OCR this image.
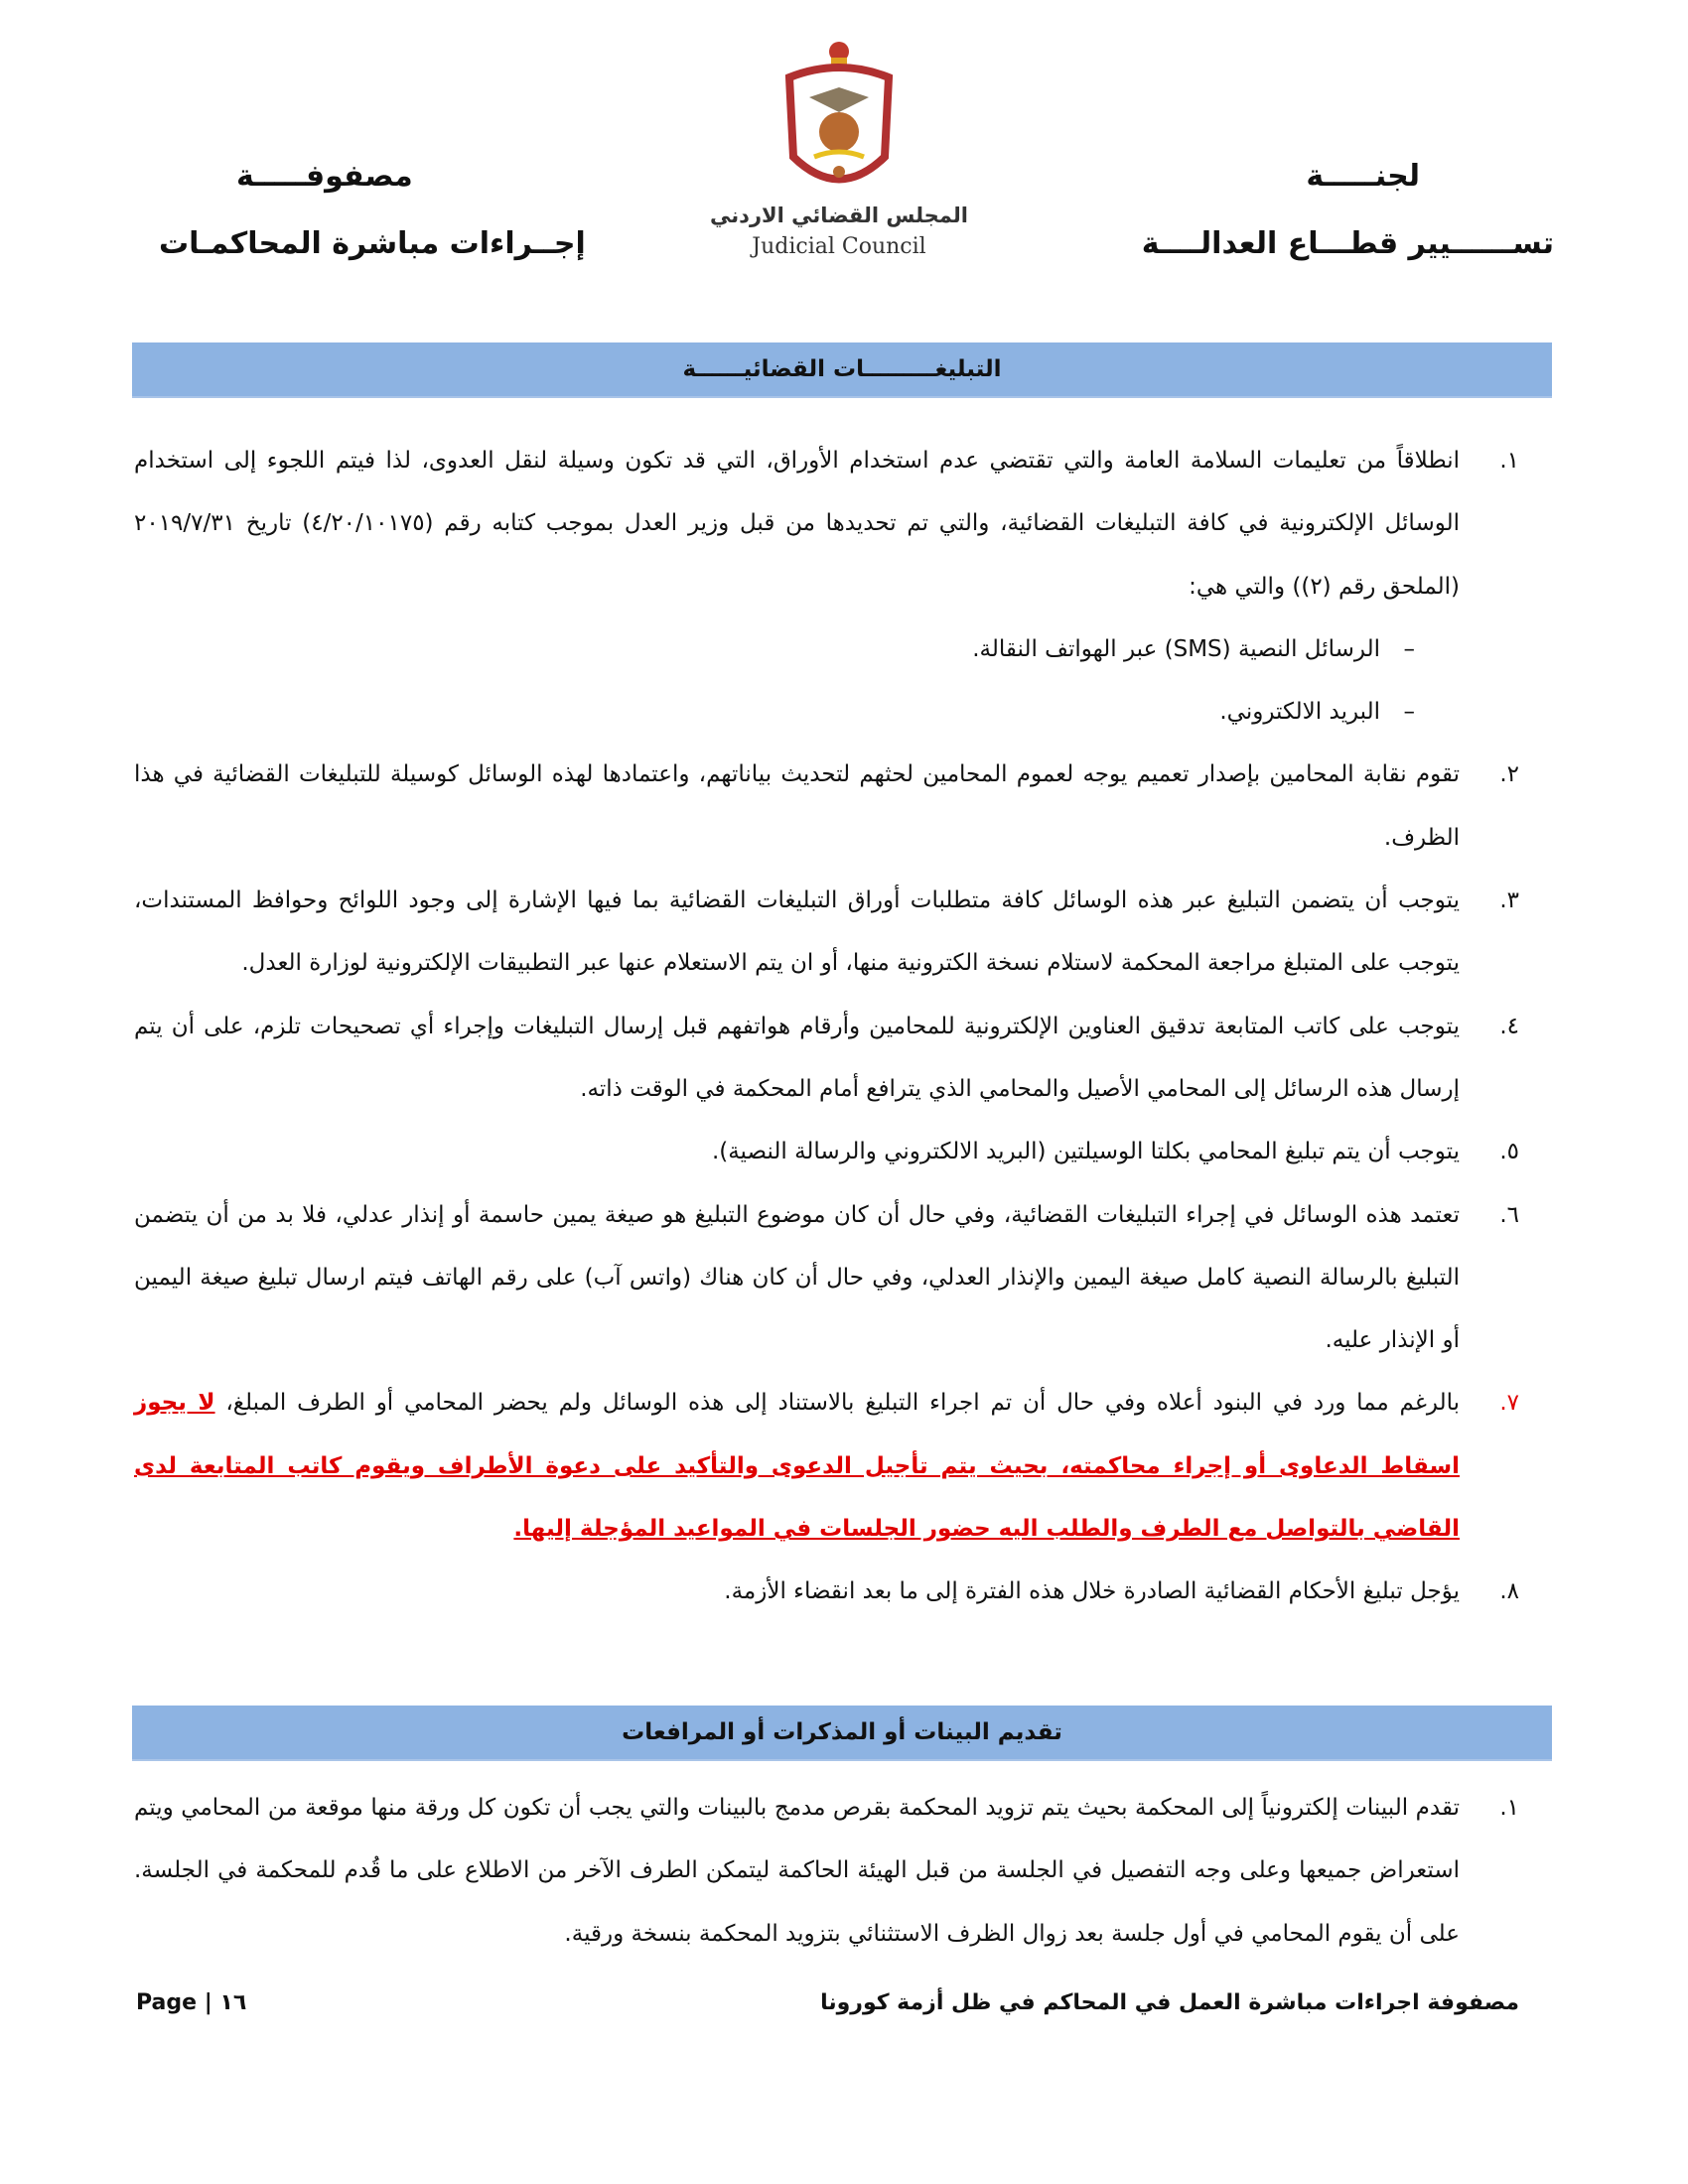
لجنـــــة
تســــــيير قطـــاع العدالــــة
مصفوفـــــة
إجــراءات مباشرة المحاكمـات
المجلس القضائي الاردني
Judicial Council
التبليغـــــــــات القضائيــــــة
١.
انطلاقاً من تعليمات السلامة العامة والتي تقتضي عدم استخدام الأوراق، التي قد تكون وسيلة لنقل العدوى، لذا فيتم اللجوء إلى استخدام الوسائل الإلكترونية في كافة التبليغات القضائية، والتي تم تحديدها من قبل وزير العدل بموجب كتابه رقم (٤/٢٠/١٠١٧٥) تاريخ ٢٠١٩/٧/٣١ (الملحق رقم (٢)) والتي هي:
–
الرسائل النصية (SMS) عبر الهواتف النقالة.
–
البريد الالكتروني.
٢.
تقوم نقابة المحامين بإصدار تعميم يوجه لعموم المحامين لحثهم لتحديث بياناتهم، واعتمادها لهذه الوسائل كوسيلة للتبليغات القضائية في هذا الظرف.
٣.
يتوجب أن يتضمن التبليغ عبر هذه الوسائل كافة متطلبات أوراق التبليغات القضائية بما فيها الإشارة إلى وجود اللوائح وحوافظ المستندات، يتوجب على المتبلغ مراجعة المحكمة لاستلام نسخة الكترونية منها، أو ان يتم الاستعلام عنها عبر التطبيقات الإلكترونية لوزارة العدل.
٤.
يتوجب على كاتب المتابعة تدقيق العناوين الإلكترونية للمحامين وأرقام هواتفهم قبل إرسال التبليغات وإجراء أي تصحيحات تلزم، على أن يتم إرسال هذه الرسائل إلى المحامي الأصيل والمحامي الذي يترافع أمام المحكمة في الوقت ذاته.
٥.
يتوجب أن يتم تبليغ المحامي بكلتا الوسيلتين (البريد الالكتروني والرسالة النصية).
٦.
تعتمد هذه الوسائل في إجراء التبليغات القضائية، وفي حال أن كان موضوع التبليغ هو صيغة يمين حاسمة أو إنذار عدلي، فلا بد من أن يتضمن التبليغ بالرسالة النصية كامل صيغة اليمين والإنذار العدلي، وفي حال أن كان هناك (واتس آب) على رقم الهاتف فيتم ارسال تبليغ صيغة اليمين أو الإنذار عليه.
٧.
بالرغم مما ورد في البنود أعلاه وفي حال أن تم اجراء التبليغ بالاستناد إلى هذه الوسائل ولم يحضر المحامي أو الطرف المبلغ، لا يجوز اسقاط الدعاوى أو إجراء محاكمته، بحيث يتم تأجيل الدعوى والتأكيد على دعوة الأطراف ويقوم كاتب المتابعة لدى القاضي بالتواصل مع الطرف والطلب اليه حضور الجلسات في المواعيد المؤجلة إليها.
٨.
يؤجل تبليغ الأحكام القضائية الصادرة خلال هذه الفترة إلى ما بعد انقضاء الأزمة.
تقديم البينات أو المذكرات أو المرافعات
١.
تقدم البينات إلكترونياً إلى المحكمة بحيث يتم تزويد المحكمة بقرص مدمج بالبينات والتي يجب أن تكون كل ورقة منها موقعة من المحامي ويتم استعراض جميعها وعلى وجه التفصيل في الجلسة من قبل الهيئة الحاكمة ليتمكن الطرف الآخر من الاطلاع على ما قُدم للمحكمة في الجلسة. على أن يقوم المحامي في أول جلسة بعد زوال الظرف الاستثنائي بتزويد المحكمة بنسخة ورقية.
Page | ١٦	مصفوفة اجراءات مباشرة العمل في المحاكم في ظل أزمة كورونا
